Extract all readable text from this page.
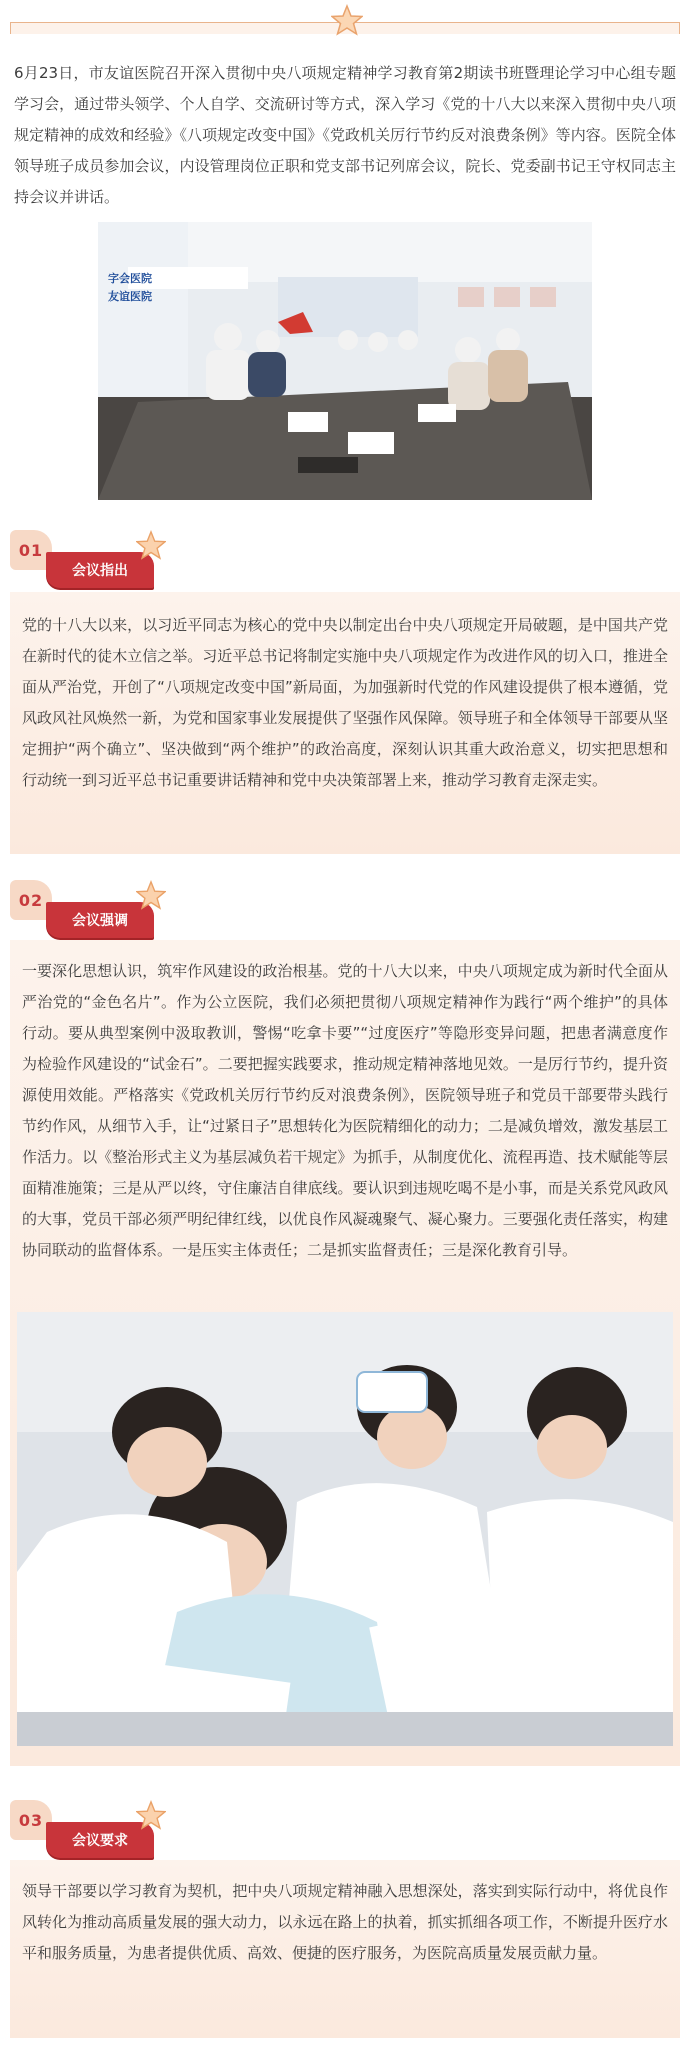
6月23日，市友谊医院召开深入贯彻中央八项规定精神学习教育第2期读书班暨理论学习中心组专题学习会，通过带头领学、个人自学、交流研讨等方式，深入学习《党的十八大以来深入贯彻中央八项规定精神的成效和经验》《八项规定改变中国》《党政机关厉行节约反对浪费条例》等内容。医院全体领导班子成员参加会议，内设管理岗位正职和党支部书记列席会议，院长、党委副书记王守权同志主持会议并讲话。

字会医院 友谊医院
01
会议指出

党的十八大以来，以习近平同志为核心的党中央以制定出台中央八项规定开局破题，是中国共产党在新时代的徒木立信之举。习近平总书记将制定实施中央八项规定作为改进作风的切入口，推进全面从严治党，开创了“八项规定改变中国”新局面，为加强新时代党的作风建设提供了根本遵循，党风政风社风焕然一新，为党和国家事业发展提供了坚强作风保障。领导班子和全体领导干部要从坚定拥护“两个确立”、坚决做到“两个维护”的政治高度，深刻认识其重大政治意义，切实把思想和行动统一到习近平总书记重要讲话精神和党中央决策部署上来，推动学习教育走深走实。

02
会议强调

一要深化思想认识，筑牢作风建设的政治根基。党的十八大以来，中央八项规定成为新时代全面从严治党的“金色名片”。作为公立医院，我们必须把贯彻八项规定精神作为践行“两个维护”的具体行动。要从典型案例中汲取教训，警惕“吃拿卡要”“过度医疗”等隐形变异问题，把患者满意度作为检验作风建设的“试金石”。二要把握实践要求，推动规定精神落地见效。一是厉行节约，提升资源使用效能。严格落实《党政机关厉行节约反对浪费条例》，医院领导班子和党员干部要带头践行节约作风，从细节入手，让“过紧日子”思想转化为医院精细化的动力；二是减负增效，激发基层工作活力。以《整治形式主义为基层减负若干规定》为抓手，从制度优化、流程再造、技术赋能等层面精准施策；三是从严以终，守住廉洁自律底线。要认识到违规吃喝不是小事，而是关系党风政风的大事，党员干部必须严明纪律红线，以优良作风凝魂聚气、凝心聚力。三要强化责任落实，构建协同联动的监督体系。一是压实主体责任；二是抓实监督责任；三是深化教育引导。

03
会议要求

领导干部要以学习教育为契机，把中央八项规定精神融入思想深处，落实到实际行动中，将优良作风转化为推动高质量发展的强大动力，以永远在路上的执着，抓实抓细各项工作，不断提升医疗水平和服务质量，为患者提供优质、高效、便捷的医疗服务，为医院高质量发展贡献力量。
